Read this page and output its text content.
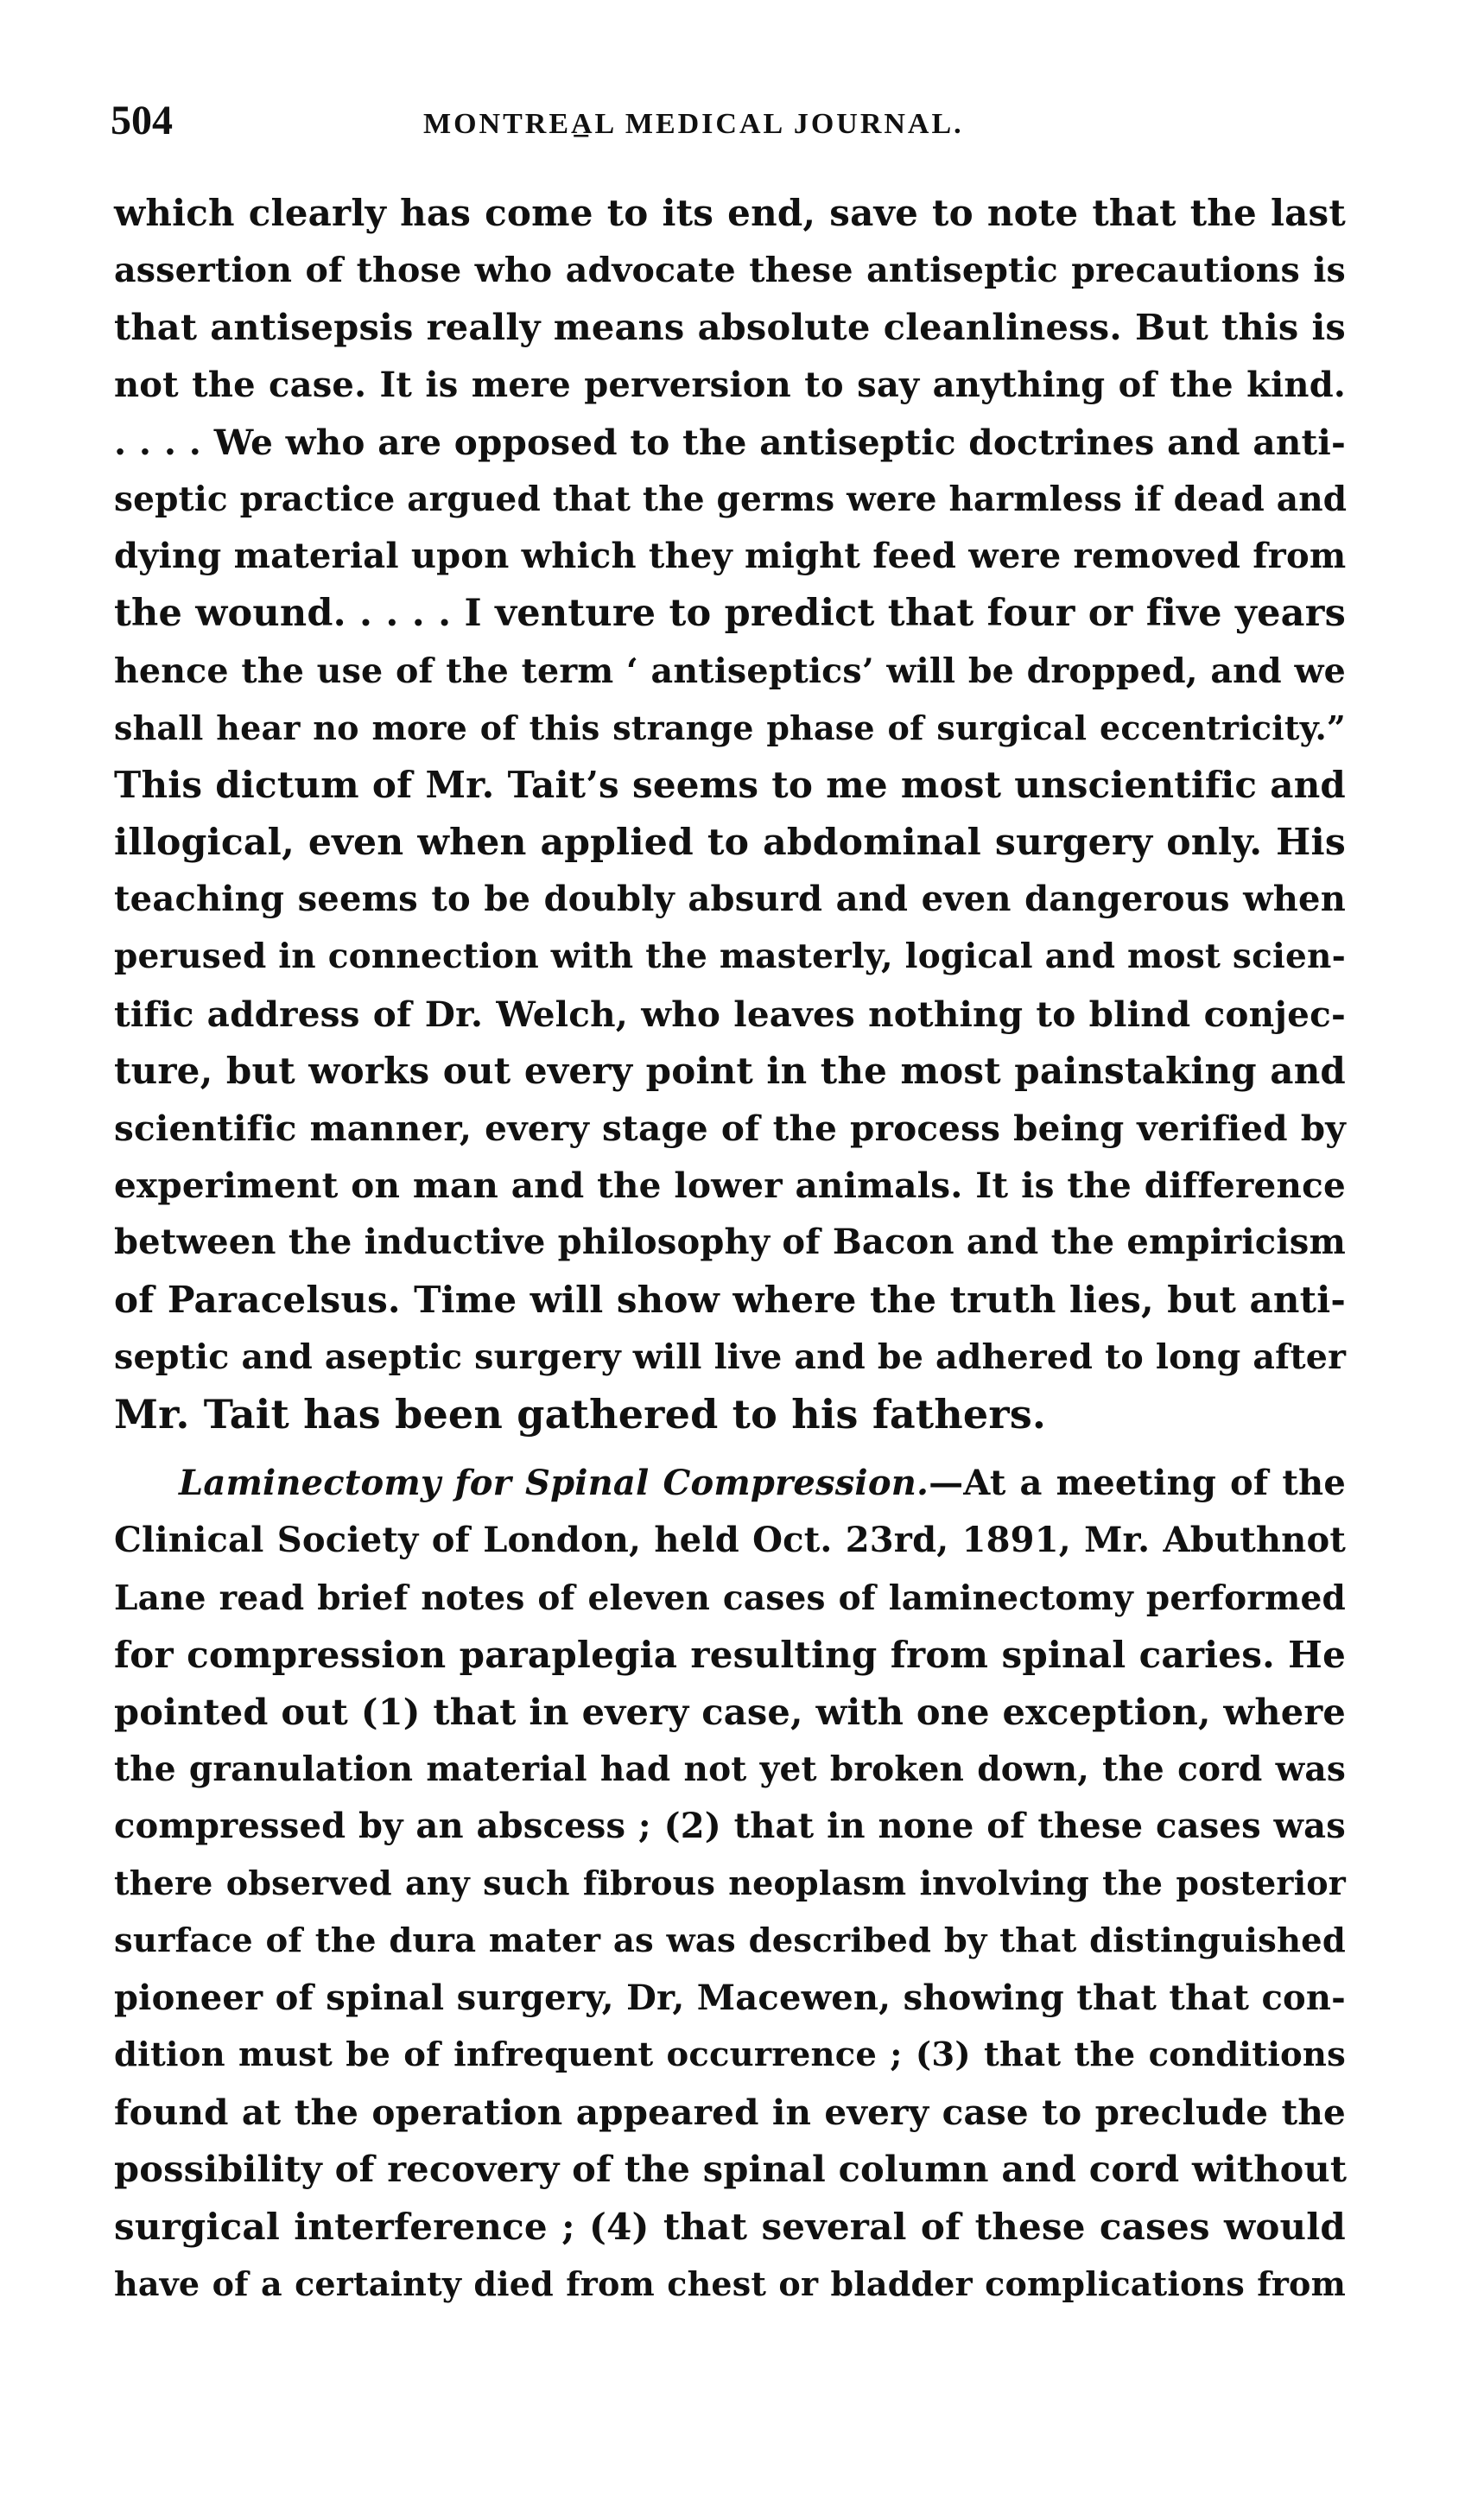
504	MONTREA̲L MEDICAL JOURNAL.
which clearly has come to its end, save to note that the last
assertion of those who advocate these antiseptic precautions is
that antisepsis really means absolute cleanliness. But this is
not the case. It is mere perversion to say anything of the kind.
. . . . We who are opposed to the antiseptic doctrines and anti-
septic practice argued that the germs were harmless if dead and
dying material upon which they might feed were removed from
the wound. . . . . I venture to predict that four or five years
hence the use of the term ‘ antiseptics’ will be dropped, and we
shall hear no more of this strange phase of surgical eccentricity.”
This dictum of Mr. Tait’s seems to me most unscientific and
illogical, even when applied to abdominal surgery only. His
teaching seems to be doubly absurd and even dangerous when
perused in connection with the masterly, logical and most scien-
tific address of Dr. Welch, who leaves nothing to blind conjec-
ture, but works out every point in the most painstaking and
scientific manner, every stage of the process being verified by
experiment on man and the lower animals. It is the difference
between the inductive philosophy of Bacon and the empiricism
of Paracelsus. Time will show where the truth lies, but anti-
septic and aseptic surgery will live and be adhered to long after
Mr. Tait has been gathered to his fathers.
Laminectomy for Spinal Compression.—At a meeting of the
Clinical Society of London, held Oct. 23rd, 1891, Mr. Abuthnot
Lane read brief notes of eleven cases of laminectomy performed
for compression paraplegia resulting from spinal caries. He
pointed out (1) that in every case, with one exception, where
the granulation material had not yet broken down, the cord was
compressed by an abscess ; (2) that in none of these cases was
there observed any such fibrous neoplasm involving the posterior
surface of the dura mater as was described by that distinguished
pioneer of spinal surgery, Dr, Macewen, showing that that con-
dition must be of infrequent occurrence ; (3) that the conditions
found at the operation appeared in every case to preclude the
possibility of recovery of the spinal column and cord without
surgical interference ; (4) that several of these cases would
have of a certainty died from chest or bladder complications from
